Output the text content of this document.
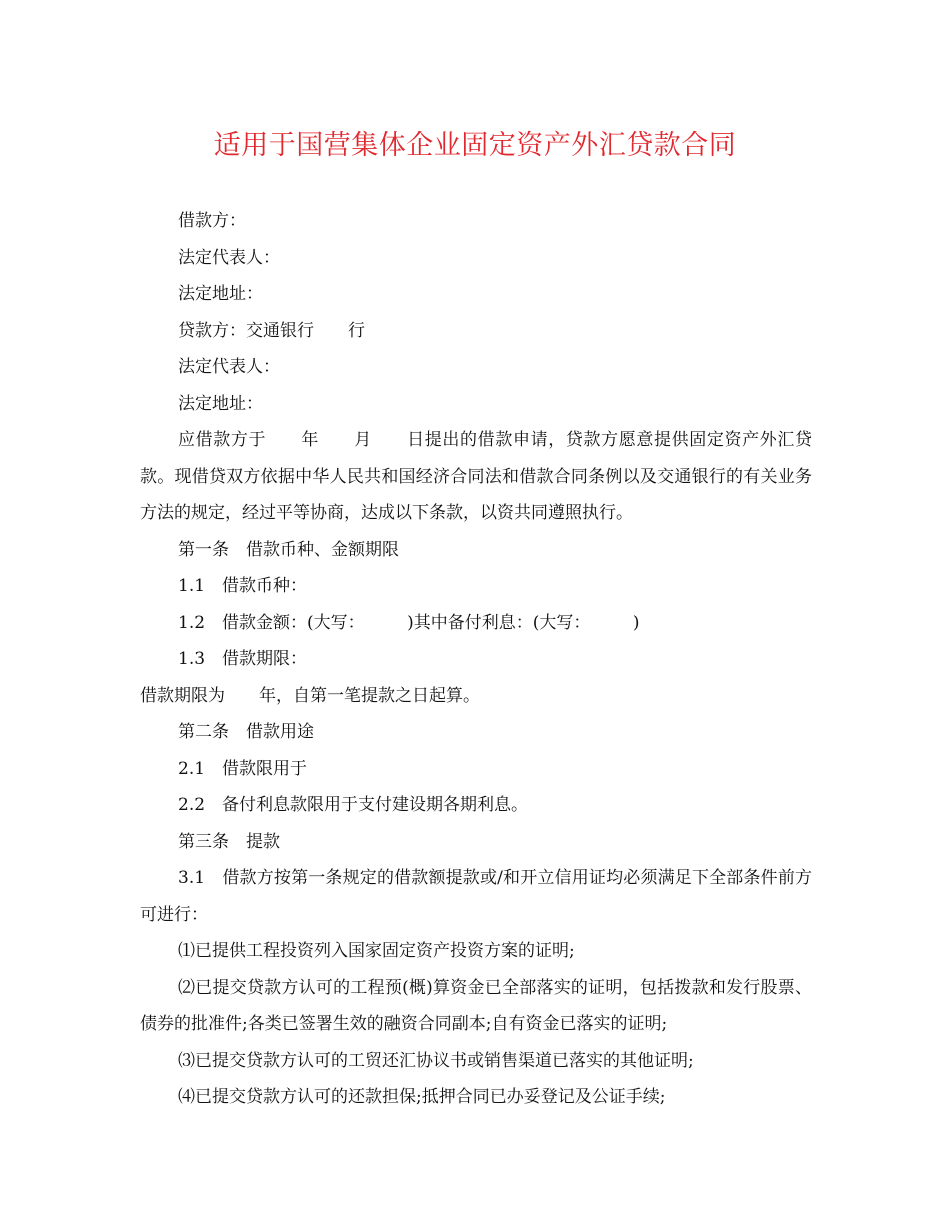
适用于国营集体企业固定资产外汇贷款合同

借款方：

法定代表人：

法定地址：

贷款方：交通银行　　行

法定代表人：

法定地址：

应借款方于　　年　　月　　日提出的借款申请，贷款方愿意提供固定资产外汇贷款。现借贷双方依据中华人民共和国经济合同法和借款合同条例以及交通银行的有关业务方法的规定，经过平等协商，达成以下条款，以资共同遵照执行。

第一条　借款币种、金额期限

1.1　借款币种：

1.2　借款金额：(大写：　　　)其中备付利息：(大写：　　　)

1.3　借款期限：

借款期限为　　年，自第一笔提款之日起算。

第二条　借款用途

2.1　借款限用于

2.2　备付利息款限用于支付建设期各期利息。

第三条　提款

3.1　借款方按第一条规定的借款额提款或/和开立信用证均必须满足下全部条件前方可进行：

⑴已提供工程投资列入国家固定资产投资方案的证明;

⑵已提交贷款方认可的工程预(概)算资金已全部落实的证明，包括拨款和发行股票、债券的批准件;各类已签署生效的融资合同副本;自有资金已落实的证明;

⑶已提交贷款方认可的工贸还汇协议书或销售渠道已落实的其他证明;

⑷已提交贷款方认可的还款担保;抵押合同已办妥登记及公证手续;
